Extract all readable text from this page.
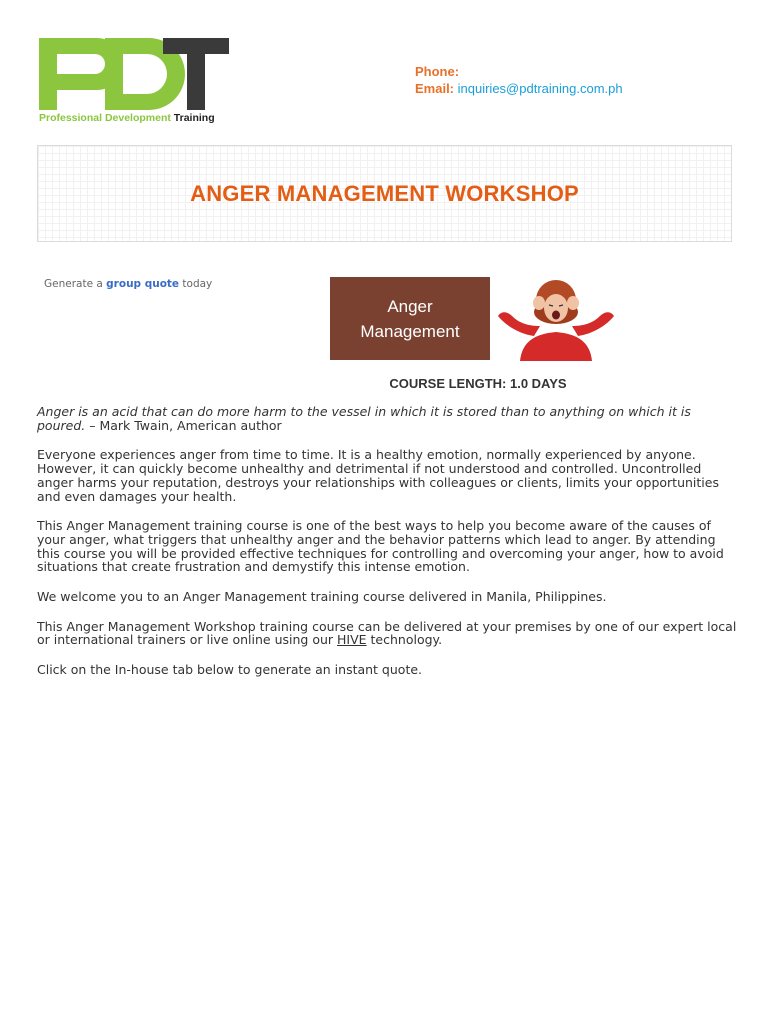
Professional Development Training
Phone:
Email: inquiries@pdtraining.com.ph
ANGER MANAGEMENT WORKSHOP
Generate a group quote today
Anger
Management
COURSE LENGTH: 1.0 DAYS

Anger is an acid that can do more harm to the vessel in which it is stored than to anything on which it is poured. – Mark Twain, American author

Everyone experiences anger from time to time. It is a healthy emotion, normally experienced by anyone. However, it can quickly become unhealthy and detrimental if not understood and controlled. Uncontrolled anger harms your reputation, destroys your relationships with colleagues or clients, limits your opportunities and even damages your health.

This Anger Management training course is one of the best ways to help you become aware of the causes of your anger, what triggers that unhealthy anger and the behavior patterns which lead to anger. By attending this course you will be provided effective techniques for controlling and overcoming your anger, how to avoid situations that create frustration and demystify this intense emotion.

We welcome you to an Anger Management training course delivered in Manila, Philippines.

This Anger Management Workshop training course can be delivered at your premises by one of our expert local or international trainers or live online using our HIVE technology.

Click on the In-house tab below to generate an instant quote.
